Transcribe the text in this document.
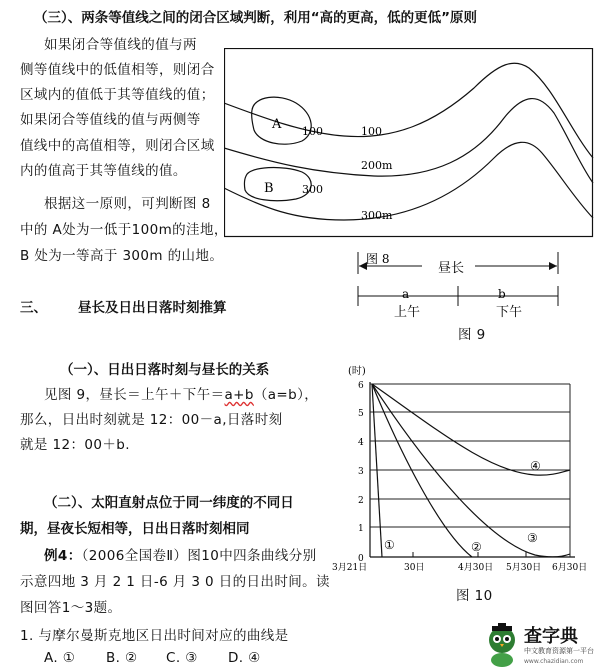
（三）、两条等值线之间的闭合区域判断，利用“高的更高，低的更低”原则
如果闭合等值线的值与两
侧等值线中的低值相等，则闭合
区域内的值低于其等值线的值；
如果闭合等值线的值与两侧等
值线中的高值相等，则闭合区域
内的值高于其等值线的值。
根据这一原则，可判断图 8
中的 A处为一低于100m的洼地，
B 处为一等高于 300m 的山地。
A 100	100
B	300
200m
300m
图 8
昼长
a	b
上午	下午
图 9
三、 昼长及日出日落时刻推算
（一）、日出日落时刻与昼长的关系
见图 9，昼长＝上午＋下午＝a+b（a=b），
那么，日出时刻就是 12：00－a,日落时刻
就是 12：00＋b.
（二）、太阳直射点位于同一纬度的不同日
期，昼夜长短相等，日出日落时刻相同
例4：（2006全国卷Ⅱ）图10中四条曲线分别
示意四地 3 月 2 1 日-6 月 3 0 日的日出时间。读
图回答1～3题。
1. 与摩尔曼斯克地区日出时间对应的曲线是
A. ① B. ② C. ③ D. ④
(时)
0
1
2
3
4
5
6
3月21日	30日	4月30日 5月30日 6月30日
①	②
③
④
图 10
查字典
中文教育资源第一平台
www.chazidian.com
